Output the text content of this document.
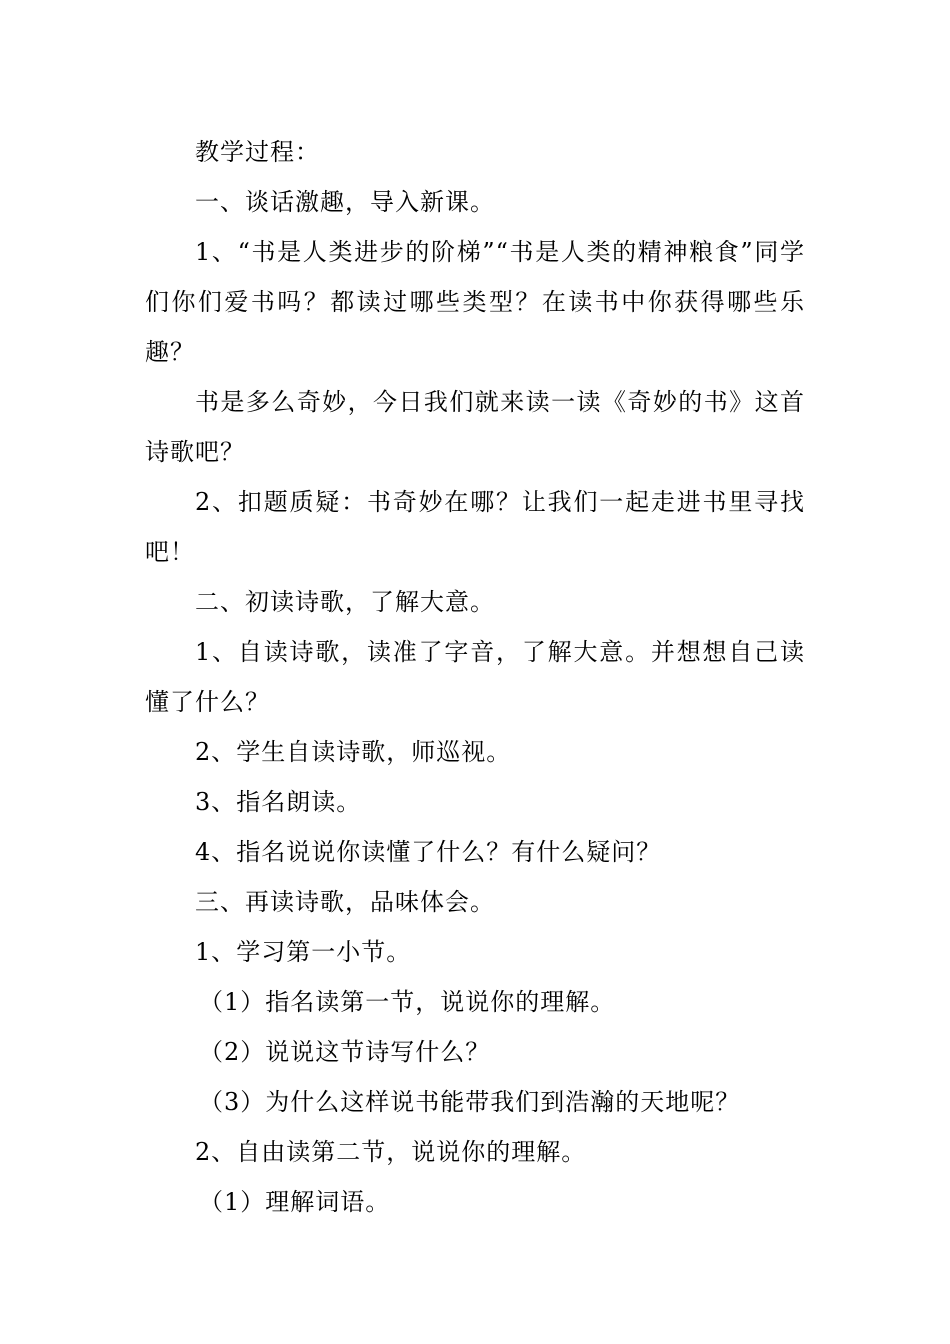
教学过程：

一、谈话激趣，导入新课。

1、“书是人类进步的阶梯”“书是人类的精神粮食”同学们你们爱书吗？都读过哪些类型？在读书中你获得哪些乐趣？

书是多么奇妙，今日我们就来读一读《奇妙的书》这首诗歌吧？

2、扣题质疑：书奇妙在哪？让我们一起走进书里寻找吧！

二、初读诗歌，了解大意。

1、自读诗歌，读准了字音，了解大意。并想想自己读懂了什么？

2、学生自读诗歌，师巡视。

3、指名朗读。

4、指名说说你读懂了什么？有什么疑问？

三、再读诗歌，品味体会。

1、学习第一小节。

（1）指名读第一节，说说你的理解。

（2）说说这节诗写什么？

（3）为什么这样说书能带我们到浩瀚的天地呢？

2、自由读第二节，说说你的理解。

（1）理解词语。
